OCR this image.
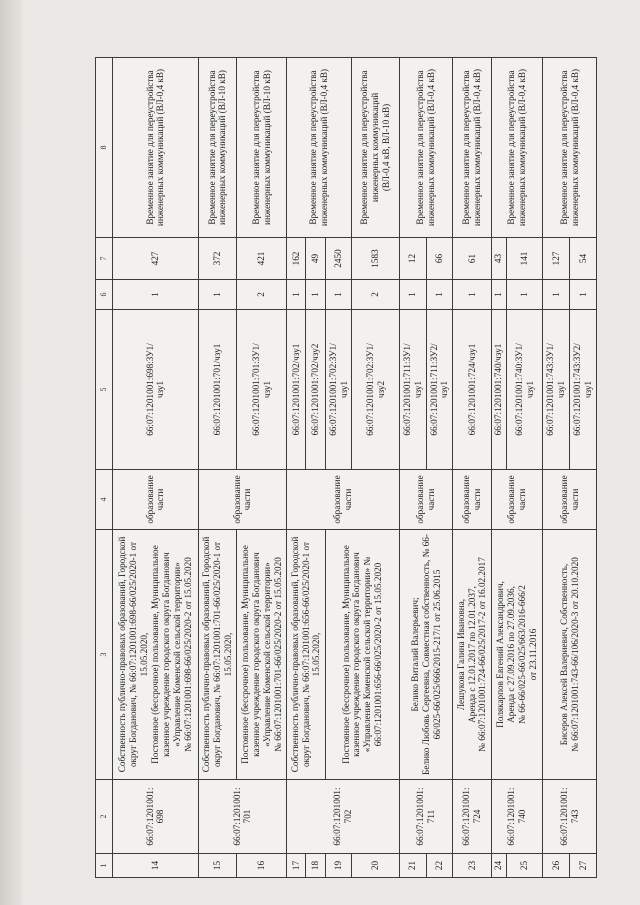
1	2	3	4	5	6	7	8
14	66:07:1201001:
698	Собственность публично-правовых образований, Городской округ Богданович, № 66:07:1201001:698-66/025/2020-1 от 15.05.2020,
Постоянное (бессрочное) пользование, Муниципальное казенное учреждение городского округа Богданович «Управление Коменской сельской территории»
№ 66:07:1201001:698-66/025/2020-2 от 15.05.2020	образование части	66:07:1201001:698:ЗУ1/
чзу1	1	427	Временное занятие для переустройства инженерных коммуникаций (ВЛ-0,4 кВ)
15	66:07:1201001:
701	Собственность публично-правовых образований, Городской округ Богданович, № 66:07:1201001:701-66/025/2020-1 от 15.05.2020,	образование части	66:07:1201001:701/чзу1	1	372	Временное занятие для переустройства инженерных коммуникаций (ВЛ-10 кВ)
16		Постоянное (бессрочное) пользование, Муниципальное казенное учреждение городского округа Богданович «Управление Коменской сельской территории»
№ 66:07:1201001:701-66/025/2020-2 от 15.05.2020		66:07:1201001:701:ЗУ1/
чзу1	2	421	Временное занятие для переустройства инженерных коммуникаций (ВЛ-10 кВ)
17	66:07:1201001:
702	Собственность публично-правовых образований, Городской округ Богданович, № 66:07:1201001:656-66/025/2020-1 от 15.05.2020,	образование части	66:07:1201001:702/чзу1	1	162	Временное занятие для переустройства инженерных коммуникаций (ВЛ-0,4 кВ)
18				66:07:1201001:702/чзу2	1	49	
19		Постоянное (бессрочное) пользование, Муниципальное казенное учреждение городского округа Богданович «Управление Коменской сельской территории» № 66:07:1201001:656-66/025/2020-2 от 15.05.2020		66:07:1201001:702:ЗУ1/
чзу1	1	2450	
20				66:07:1201001:702:ЗУ1/
чзу2	2	1583	Временное занятие для переустройства инженерных коммуникаций
(ВЛ-0,4 кВ, ВЛ-10 кВ)
21	66:07:1201001:
711	Белико Виталий Валерьевич;
Белико Любовь Сергеевна, Совместная собственность, № 66-66/025-66/025/666/2015-217/1 от 25.06.2015	образование части	66:07:1201001:711:ЗУ1/
чзу1	1	12	Временное занятие для переустройства инженерных коммуникаций (ВЛ-0,4 кВ)
22				66:07:1201001:711:ЗУ2/
чзу1	1	66	
23	66:07:1201001:
724	Лешукова Галина Ивановна,
Аренда с 12.01.2017 по 12.01.2037,
№ 66:07:1201001:724-66/025/2017-2 от 16.02.2017	образование части	66:07:1201001:724/чзу1	1	61	Временное занятие для переустройства инженерных коммуникаций (ВЛ-0,4 кВ)
24	66:07:1201001:
740	Полякарпов Евгений Александрович,
Аренда с 27.09.2016 по 27.09.2036,
№ 66-66/025-66/025/663/2016-666/2
от 23.11.2016	образование части	66:07:1201001:740/чзу1	1	43	Временное занятие для переустройства инженерных коммуникаций (ВЛ-0,4 кВ)
25				66:07:1201001:740:ЗУ1/
чзу1	1	141	
26	66:07:1201001:
743	Бисеров Алексей Валериевич, Собственность,
№ 66:07:1201001:743-66/106/2020-3 от 20.10.2020	образование части	66:07:1201001:743:ЗУ1/
чзу1	1	127	Временное занятие для переустройства инженерных коммуникаций (ВЛ-0,4 кВ)
27				66:07:1201001:743:ЗУ2/
чзу1	1	54	
